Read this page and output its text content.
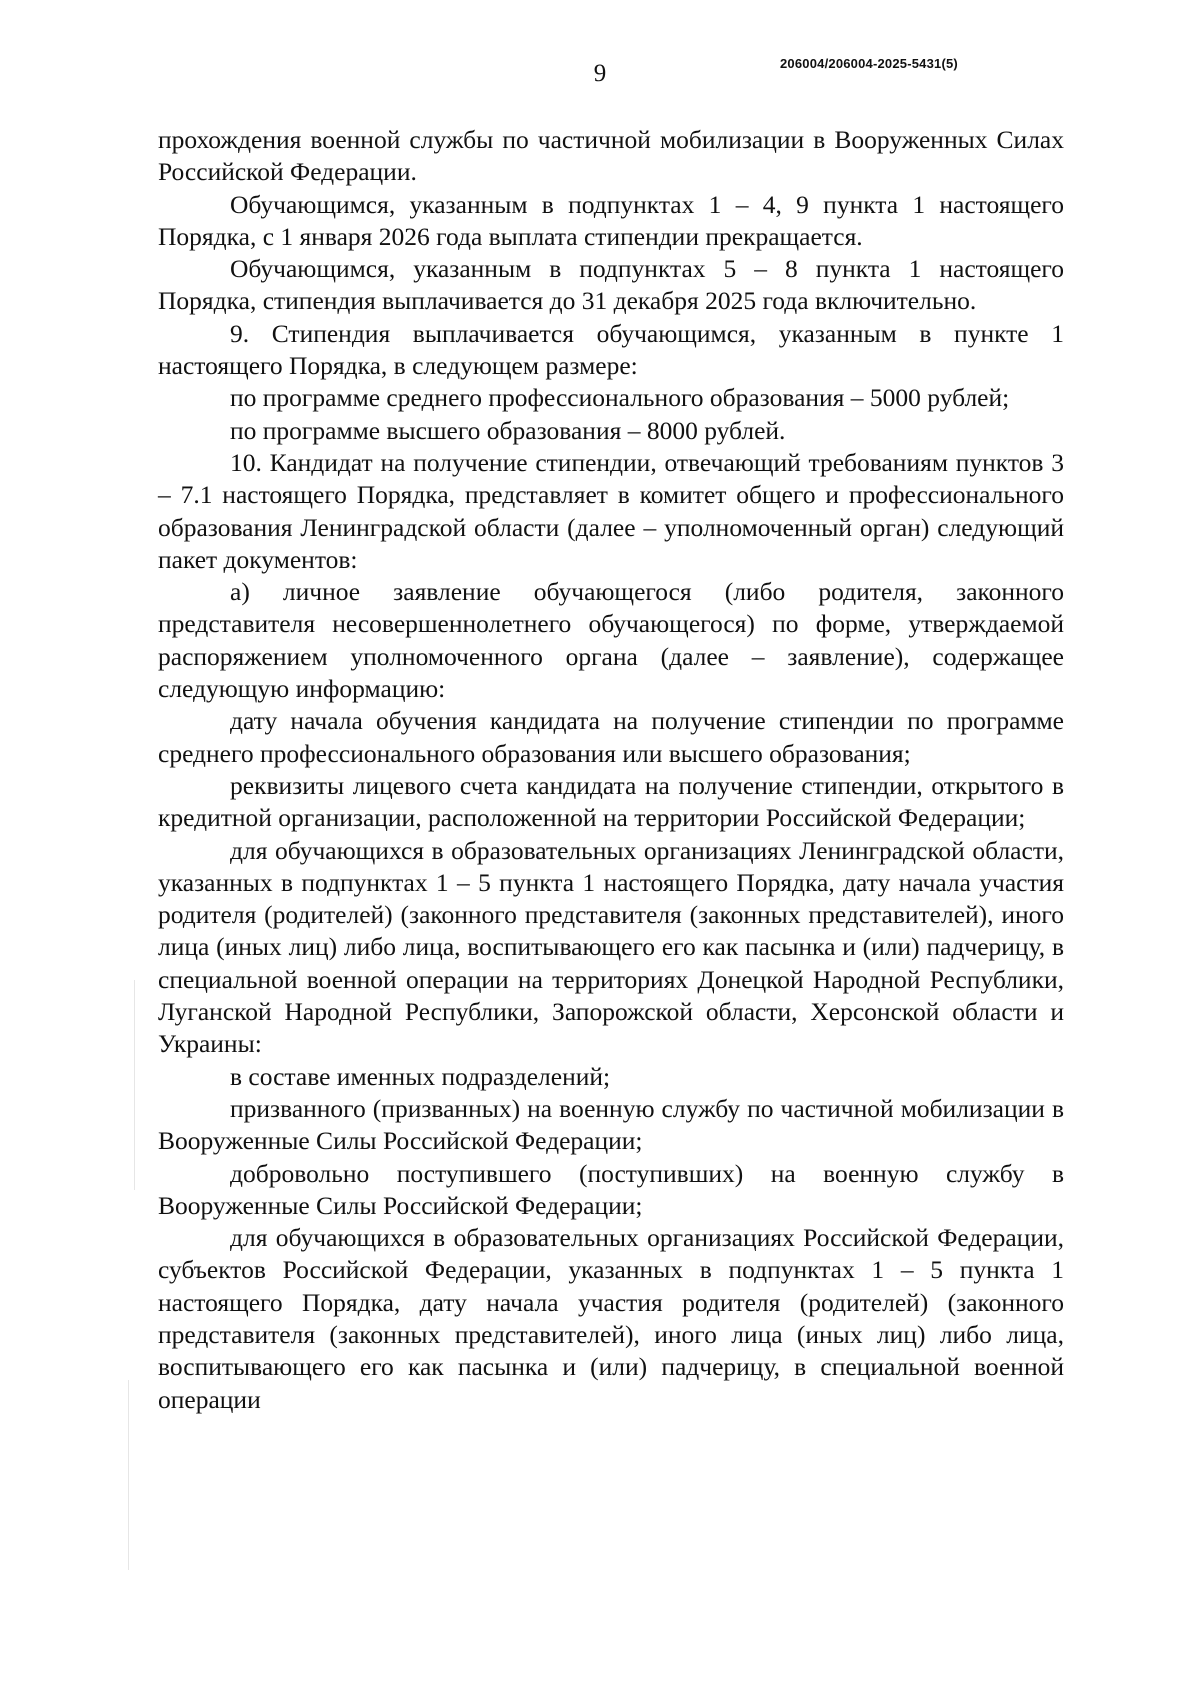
9	206004/206004-2025-5431(5)

прохождения военной службы по частичной мобилизации в Вооруженных Силах Российской Федерации.

Обучающимся, указанным в подпунктах 1 – 4, 9 пункта 1 настоящего Порядка, с 1 января 2026 года выплата стипендии прекращается.

Обучающимся, указанным в подпунктах 5 – 8 пункта 1 настоящего Порядка, стипендия выплачивается до 31 декабря 2025 года включительно.

9. Стипендия выплачивается обучающимся, указанным в пункте 1 настоящего Порядка, в следующем размере:

по программе среднего профессионального образования – 5000 рублей;

по программе высшего образования – 8000 рублей.

10. Кандидат на получение стипендии, отвечающий требованиям пунктов 3 – 7.1 настоящего Порядка, представляет в комитет общего и профессионального образования Ленинградской области (далее – уполномоченный орган) следующий пакет документов:

а) личное заявление обучающегося (либо родителя, законного представителя несовершеннолетнего обучающегося) по форме, утверждаемой распоряжением уполномоченного органа (далее – заявление), содержащее следующую информацию:

дату начала обучения кандидата на получение стипендии по программе среднего профессионального образования или высшего образования;

реквизиты лицевого счета кандидата на получение стипендии, открытого в кредитной организации, расположенной на территории Российской Федерации;

для обучающихся в образовательных организациях Ленинградской области, указанных в подпунктах 1 – 5 пункта 1 настоящего Порядка, дату начала участия родителя (родителей) (законного представителя (законных представителей), иного лица (иных лиц) либо лица, воспитывающего его как пасынка и (или) падчерицу, в специальной военной операции на территориях Донецкой Народной Республики, Луганской Народной Республики, Запорожской области, Херсонской области и Украины:

в составе именных подразделений;

призванного (призванных) на военную службу по частичной мобилизации в Вооруженные Силы Российской Федерации;

добровольно поступившего (поступивших) на военную службу в Вооруженные Силы Российской Федерации;

для обучающихся в образовательных организациях Российской Федерации, субъектов Российской Федерации, указанных в подпунктах 1 – 5 пункта 1 настоящего Порядка, дату начала участия родителя (родителей) (законного представителя (законных представителей), иного лица (иных лиц) либо лица, воспитывающего его как пасынка и (или) падчерицу, в специальной военной операции
